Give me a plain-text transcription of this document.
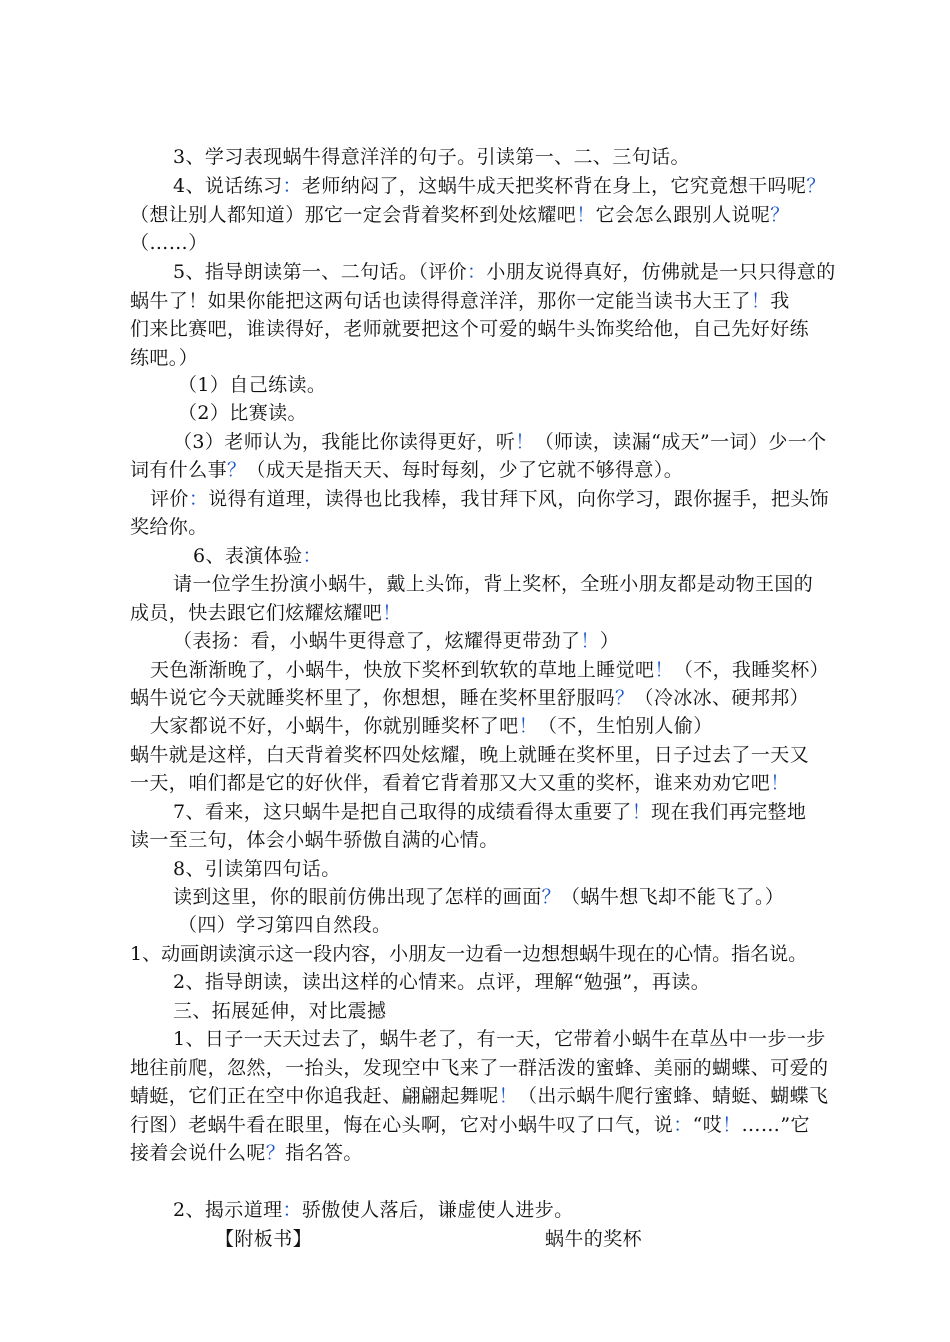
3、学习表现蜗牛得意洋洋的句子。引读第一、二、三句话。
4、说话练习：老师纳闷了，这蜗牛成天把奖杯背在身上，它究竟想干吗呢？
（想让别人都知道）那它一定会背着奖杯到处炫耀吧！它会怎么跟别人说呢？
（……）
5、指导朗读第一、二句话。（评价：小朋友说得真好，仿佛就是一只只得意的
蜗牛了！如果你能把这两句话也读得得意洋洋，那你一定能当读书大王了！我
们来比赛吧，谁读得好，老师就要把这个可爱的蜗牛头饰奖给他，自己先好好练
练吧。）
（1）自己练读。
（2）比赛读。
（3）老师认为，我能比你读得更好，听！（师读，读漏“成天”一词）少一个
词有什么事？（成天是指天天、每时每刻，少了它就不够得意）。
评价：说得有道理，读得也比我棒，我甘拜下风，向你学习，跟你握手，把头饰
奖给你。
6、表演体验：
请一位学生扮演小蜗牛，戴上头饰，背上奖杯，全班小朋友都是动物王国的
成员，快去跟它们炫耀炫耀吧！
（表扬：看，小蜗牛更得意了，炫耀得更带劲了！）
天色渐渐晚了，小蜗牛，快放下奖杯到软软的草地上睡觉吧！（不，我睡奖杯）
蜗牛说它今天就睡奖杯里了，你想想，睡在奖杯里舒服吗？（冷冰冰、硬邦邦）
大家都说不好，小蜗牛，你就别睡奖杯了吧！（不，生怕别人偷）
蜗牛就是这样，白天背着奖杯四处炫耀，晚上就睡在奖杯里，日子过去了一天又
一天，咱们都是它的好伙伴，看着它背着那又大又重的奖杯，谁来劝劝它吧！
7、看来，这只蜗牛是把自己取得的成绩看得太重要了！现在我们再完整地
读一至三句，体会小蜗牛骄傲自满的心情。
8、引读第四句话。
读到这里，你的眼前仿佛出现了怎样的画面？（蜗牛想飞却不能飞了。）
（四）学习第四自然段。
1、动画朗读演示这一段内容，小朋友一边看一边想想蜗牛现在的心情。指名说。
2、指导朗读，读出这样的心情来。点评，理解“勉强”，再读。
三、拓展延伸，对比震撼
1、日子一天天过去了，蜗牛老了，有一天，它带着小蜗牛在草丛中一步一步
地往前爬，忽然，一抬头，发现空中飞来了一群活泼的蜜蜂、美丽的蝴蝶、可爱的
蜻蜓，它们正在空中你追我赶、翩翩起舞呢！（出示蜗牛爬行蜜蜂、蜻蜓、蝴蝶飞
行图）老蜗牛看在眼里，悔在心头啊，它对小蜗牛叹了口气，说：“哎！……”它
接着会说什么呢？指名答。
2、揭示道理：骄傲使人落后，谦虚使人进步。
【附板书】	蜗牛的奖杯
